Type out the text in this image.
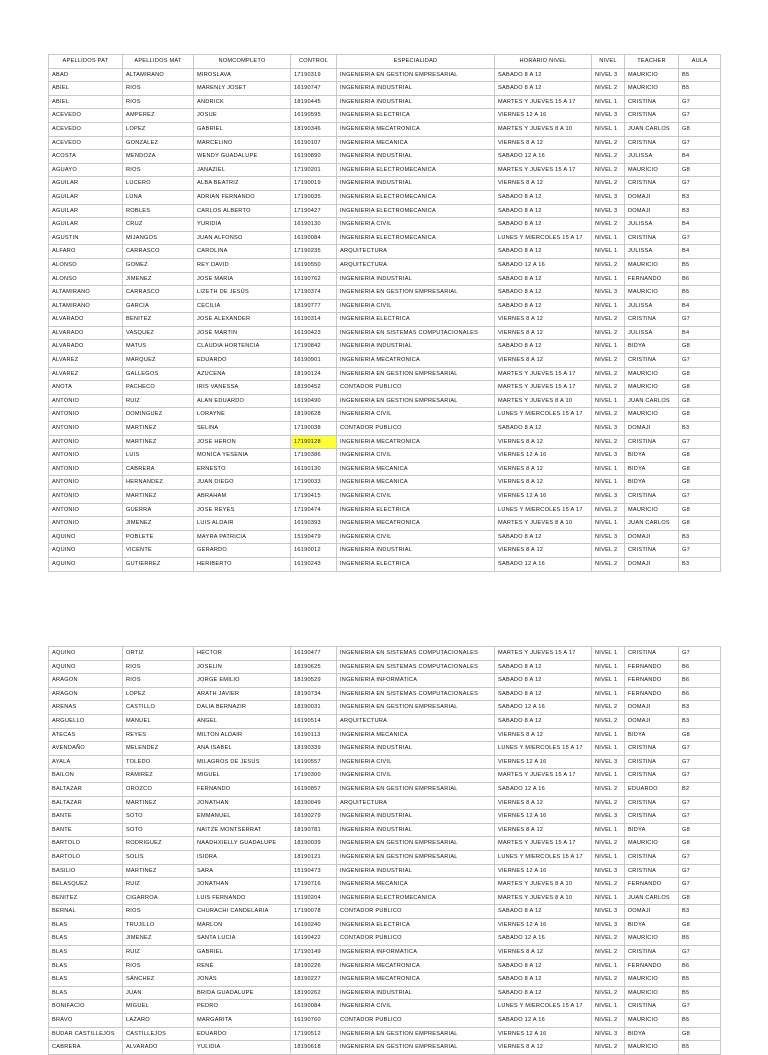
APELLIDOS PAT	APELLIDOS MAT	NOMCOMPLETO	CONTROL	ESPECIALIDAD	HORARIO NIVEL	NIVEL	TEACHER	AULA
ABAD	ALTAMIRANO	MIROSLAVA	17190319	INGENIERIA EN GESTION EMPRESARIAL	SABADO 8 A 12	NIVEL 3	MAURICIO	B5
ABIEL	RIOS	MARENLY JOSET	16190747	INGENIERIA INDUSTRIAL	SABADO 8 A 12	NIVEL 2	MAURICIO	B5
ABIEL	RIOS	ANDRICK	18190445	INGENIERIA INDUSTRIAL	MARTES Y JUEVES 15 A 17	NIVEL 1	CRISTINA	G7
ACEVEDO	AMPEREZ	JOSUE	16190595	INGENIERIA ELECTRICA	VIERNES 12 A 16	NIVEL 3	CRISTINA	G7
ACEVEDO	LOPEZ	GABRIEL	18190346	INGENIERIA MECATRONICA	MARTES Y JUEVES 8 A 10	NIVEL 1	JUAN CARLOS	G8
ACEVEDO	GONZÁLEZ	MARCELINO	16190107	INGENIERIA MECANICA	VIERNES 8 A 12	NIVEL 2	CRISTINA	G7
ACOSTA	MENDOZA	WENDY GUADALUPE	16190890	INGENIERIA INDUSTRIAL	SABADO 12 A 16	NIVEL 2	JULISSA	B4
AGUAYO	RIOS	JANAZIEL	17190201	INGENIERIA ELECTROMECANICA	MARTES Y JUEVES 15 A 17	NIVEL 2	MAURICIO	G8
AGUILAR	LUCERO	ALBA BEATRIZ	17190019	INGENIERIA INDUSTRIAL	VIERNES 8 A 12	NIVEL 2	CRISTINA	G7
AGUILAR	LUNA	ADRIAN FERNANDO	17190035	INGENIERIA ELECTROMECANICA	SABADO 8 A 12	NIVEL 3	DOMAJI	B3
AGUILAR	ROBLES	CARLOS ALBERTO	17190427	INGENIERIA ELECTROMECANICA	SABADO 8 A 12	NIVEL 3	DOMAJI	B3
AGUILAR	CRUZ	YURIDIA	16190130	INGENIERIA CIVIL	SABADO 8 A 12	NIVEL 2	JULISSA	B4
AGUSTIN	MIJANGOS	JUAN ALFONSO	16190084	INGENIERIA ELECTROMECANICA	LUNES Y MIERCOLES 15 A 17	NIVEL 1	CRISTINA	G7
ALFARO	CARRASCO	CAROLINA	17190235	ARQUITECTURA	SABADO 8 A 12	NIVEL 1	JULISSA	B4
ALONSO	GOMEZ	REY DAVID	16190550	ARQUITECTURA	SABADO 12 A 16	NIVEL 2	MAURICIO	B5
ALONSO	JIMENEZ	JOSE MARIA	16190762	INGENIERIA INDUSTRIAL	SABADO 8 A 12	NIVEL 1	FERNANDO	B6
ALTAMIRANO	CARRASCO	LIZETH DE JESÚS	17190374	INGENIERIA EN GESTION EMPRESARIAL	SABADO 8 A 12	NIVEL 3	MAURICIO	B5
ALTAMIRANO	GARCIA	CECILIA	18190777	INGENIERIA CIVIL	SABADO 8 A 12	NIVEL 1	JULISSA	B4
ALVARADO	BENITEZ	JOSE ALEXANDER	16190314	INGENIERIA ELECTRICA	VIERNES 8 A 12	NIVEL 2	CRISTINA	G7
ALVARADO	VASQUEZ	JOSÉ MARTIN	16190423	INGENIERIA EN SISTEMAS COMPUTACIONALES	VIERNES 8 A 12	NIVEL 2	JULISSA	B4
ALVARADO	MATUS	CLAUDIA HORTENCIA	17190842	INGENIERIA INDUSTRIAL	SABADO 8 A 12	NIVEL 1	BIDYA	G8
ALVAREZ	MARQUEZ	EDUARDO	16190901	INGENIERIA MECATRONICA	VIERNES 8 A 12	NIVEL 2	CRISTINA	G7
ALVAREZ	GALLEGOS	AZUCENA	18190124	INGENIERIA EN GESTION EMPRESARIAL	MARTES Y JUEVES 15 A 17	NIVEL 2	MAURICIO	G8
ANOTA	PACHECO	IRIS VANESSA	18190452	CONTADOR PUBLICO	MARTES Y JUEVES 15 A 17	NIVEL 2	MAURICIO	G8
ANTONIO	RUIZ	ALAN EDUARDO	16190490	INGENIERIA EN GESTION EMPRESARIAL	MARTES Y JUEVES 8 A 10	NIVEL 1	JUAN CARLOS	G8
ANTONIO	DOMINGUEZ	LORAYNE	18190628	INGENIERIA CIVIL	LUNES Y MIERCOLES 15 A 17	NIVEL 2	MAURICIO	G8
ANTONIO	MARTINEZ	SELINA	17190038	CONTADOR PUBLICO	SABADO 8 A 12	NIVEL 3	DOMAJI	B3
ANTONIO	MARTINEZ	JOSE HERON	17190128	INGENIERIA MECATRONICA	VIERNES 8 A 12	NIVEL 2	CRISTINA	G7
ANTONIO	LUIS	MONICA YESENIA	17190386	INGENIERIA CIVIL	VIERNES 12 A 16	NIVEL 3	BIDYA	G8
ANTONIO	CABRERA	ERNESTO	16190130	INGENIERIA MECANICA	VIERNES 8 A 12	NIVEL 1	BIDYA	G8
ANTONIO	HERNANDEZ	JUAN DIEGO	17190033	INGENIERIA MECANICA	VIERNES 8 A 12	NIVEL 1	BIDYA	G8
ANTONIO	MARTINEZ	ABRAHAM	17190415	INGENIERIA CIVIL	VIERNES 12 A 16	NIVEL 3	CRISTINA	G7
ANTONIO	GUERRA	JOSE REYES	17190474	INGENIERIA ELECTRICA	LUNES Y MIERCOLES 15 A 17	NIVEL 2	MAURICIO	G8
ANTONIO	JIMENEZ	LUIS ALDAIR	16190393	INGENIERIA MECATRONICA	MARTES Y JUEVES 8 A 10	NIVEL 1	JUAN CARLOS	G8
AQUINO	POBLETE	MAYRA PATRICIA	15190479	INGENIERIA CIVIL	SABADO 8 A 12	NIVEL 3	DOMAJI	B3
AQUINO	VICENTE	GERARDO	16190012	INGENIERIA INDUSTRIAL	VIERNES 8 A 12	NIVEL 2	CRISTINA	G7
AQUINO	GUTIERREZ	HERIBERTO	16190243	INGENIERIA ELECTRICA	SABADO 12 A 16	NIVEL 2	DOMAJI	B3
AQUINO	ORTIZ	HÉCTOR	16190477	INGENIERIA EN SISTEMAS COMPUTACIONALES	MARTES Y JUEVES 15 A 17	NIVEL 1	CRISTINA	G7
AQUINO	RIOS	JOSELIN	18190625	INGENIERIA EN SISTEMAS COMPUTACIONALES	SABADO 8 A 12	NIVEL 1	FERNANDO	B6
ARAGON	RIOS	JORGE EMILIO	18190529	INGENIERIA INFORMATICA	SABADO 8 A 12	NIVEL 1	FERNANDO	B6
ARAGON	LOPEZ	ARATH JAVIER	18190734	INGENIERIA EN SISTEMAS COMPUTACIONALES	SABADO 8 A 12	NIVEL 1	FERNANDO	B6
ARENAS	CASTILLO	DALIA BERNAZIR	18190031	INGENIERIA EN GESTION EMPRESARIAL	SABADO 12 A 16	NIVEL 2	DOMAJI	B3
ARGUELLO	MANUEL	ANGEL	16190514	ARQUITECTURA	SABADO 8 A 12	NIVEL 2	DOMAJI	B3
ATECAS	REYES	MILTON ALDAIR	16190113	INGENIERIA MECANICA	VIERNES 8 A 12	NIVEL 1	BIDYA	G8
AVENDAÑO	MELENDEZ	ANA ISABEL	18190339	INGENIERIA INDUSTRIAL	LUNES Y MIERCOLES 15 A 17	NIVEL 1	CRISTINA	G7
AYALA	TOLEDO	MILAGROS DE JESUS	16190557	INGENIERIA CIVIL	VIERNES 12 A 16	NIVEL 3	CRISTINA	G7
BAILON	RAMIREZ	MIGUEL	17190300	INGENIERIA CIVIL	MARTES Y JUEVES 15 A 17	NIVEL 1	CRISTINA	G7
BALTAZAR	OROZCO	FERNANDO	16190857	INGENIERIA EN GESTION EMPRESARIAL	SABADO 12 A 16	NIVEL 2	EDUARDO	B2
BALTAZAR	MARTINEZ	JONATHAN	18190049	ARQUITECTURA	VIERNES 8 A 12	NIVEL 2	CRISTINA	G7
BANTE	SOTO	EMMANUEL	16190279	INGENIERIA INDUSTRIAL	VIERNES 12 A 16	NIVEL 3	CRISTINA	G7
BANTE	SOTO	NAITZE MONTSERRAT	18190781	INGENIERIA INDUSTRIAL	VIERNES 8 A 12	NIVEL 1	BIDYA	G8
BARTOLO	RODRIGUEZ	NAADHXIELLY GUADALUPE	18190039	INGENIERIA EN GESTION EMPRESARIAL	MARTES Y JUEVES 15 A 17	NIVEL 2	MAURICIO	G8
BARTOLO	SOLIS	ISIDRA	18190121	INGENIERIA EN GESTION EMPRESARIAL	LUNES Y MIERCOLES 15 A 17	NIVEL 1	CRISTINA	G7
BASILIO	MARTINEZ	SARA	15190473	INGENIERIA INDUSTRIAL	VIERNES 12 A 16	NIVEL 3	CRISTINA	G7
BELASQUEZ	RUIZ	JONATHAN	17190716	INGENIERIA MECANICA	MARTES Y JUEVES 8 A 10	NIVEL 2	FERNANDO	G7
BENITEZ	CIGARROA	LUIS FERNANDO	15190204	INGENIERIA ELECTROMECANICA	MARTES Y JUEVES 8 A 10	NIVEL 1	JUAN CARLOS	G8
BERNAL	RIOS	CHURACHI CANDELARIA	17190078	CONTADOR PUBLICO	SABADO 8 A 12	NIVEL 3	DOMAJI	B3
BLAS	TRUJILLO	MARLON	16190240	INGENIERIA ELECTRICA	VIERNES 12 A 16	NIVEL 3	BIDYA	G8
BLAS	JIMENEZ	SANTA LUCIA	16190422	CONTADOR PUBLICO	SABADO 12 A 16	NIVEL 2	MAURICIO	B5
BLAS	RUIZ	GABRIEL	17190149	INGENIERIA INFORMATICA	VIERNES 8 A 12	NIVEL 2	CRISTINA	G7
BLAS	RIOS	RENÉ	18190226	INGENIERIA MECATRONICA	SABADO 8 A 12	NIVEL 1	FERNANDO	B6
BLAS	SÁNCHEZ	JONÁS	18190227	INGENIERIA MECATRONICA	SABADO 8 A 12	NIVEL 2	MAURICIO	B5
BLAS	JUAN	BRIDA GUADALUPE	18190262	INGENIERIA INDUSTRIAL	SABADO 8 A 12	NIVEL 2	MAURICIO	B5
BONIFACIO	MIGUEL	PEDRO	16190084	INGENIERIA CIVIL	LUNES Y MIERCOLES 15 A 17	NIVEL 1	CRISTINA	G7
BRAVO	LAZARO	MARGARITA	16190760	CONTADOR PUBLICO	SABADO 12 A 16	NIVEL 2	MAURICIO	B5
BUDAR CASTILLEJOS	CASTILLEJOS	EDUARDO	17190512	INGENIERIA EN GESTION EMPRESARIAL	VIERNES 12 A 16	NIVEL 3	BIDYA	G8
CABRERA	ALVARADO	YULIDIA	18190618	INGENIERIA EN GESTION EMPRESARIAL	VIERNES 8 A 12	NIVEL 2	MAURICIO	B5
